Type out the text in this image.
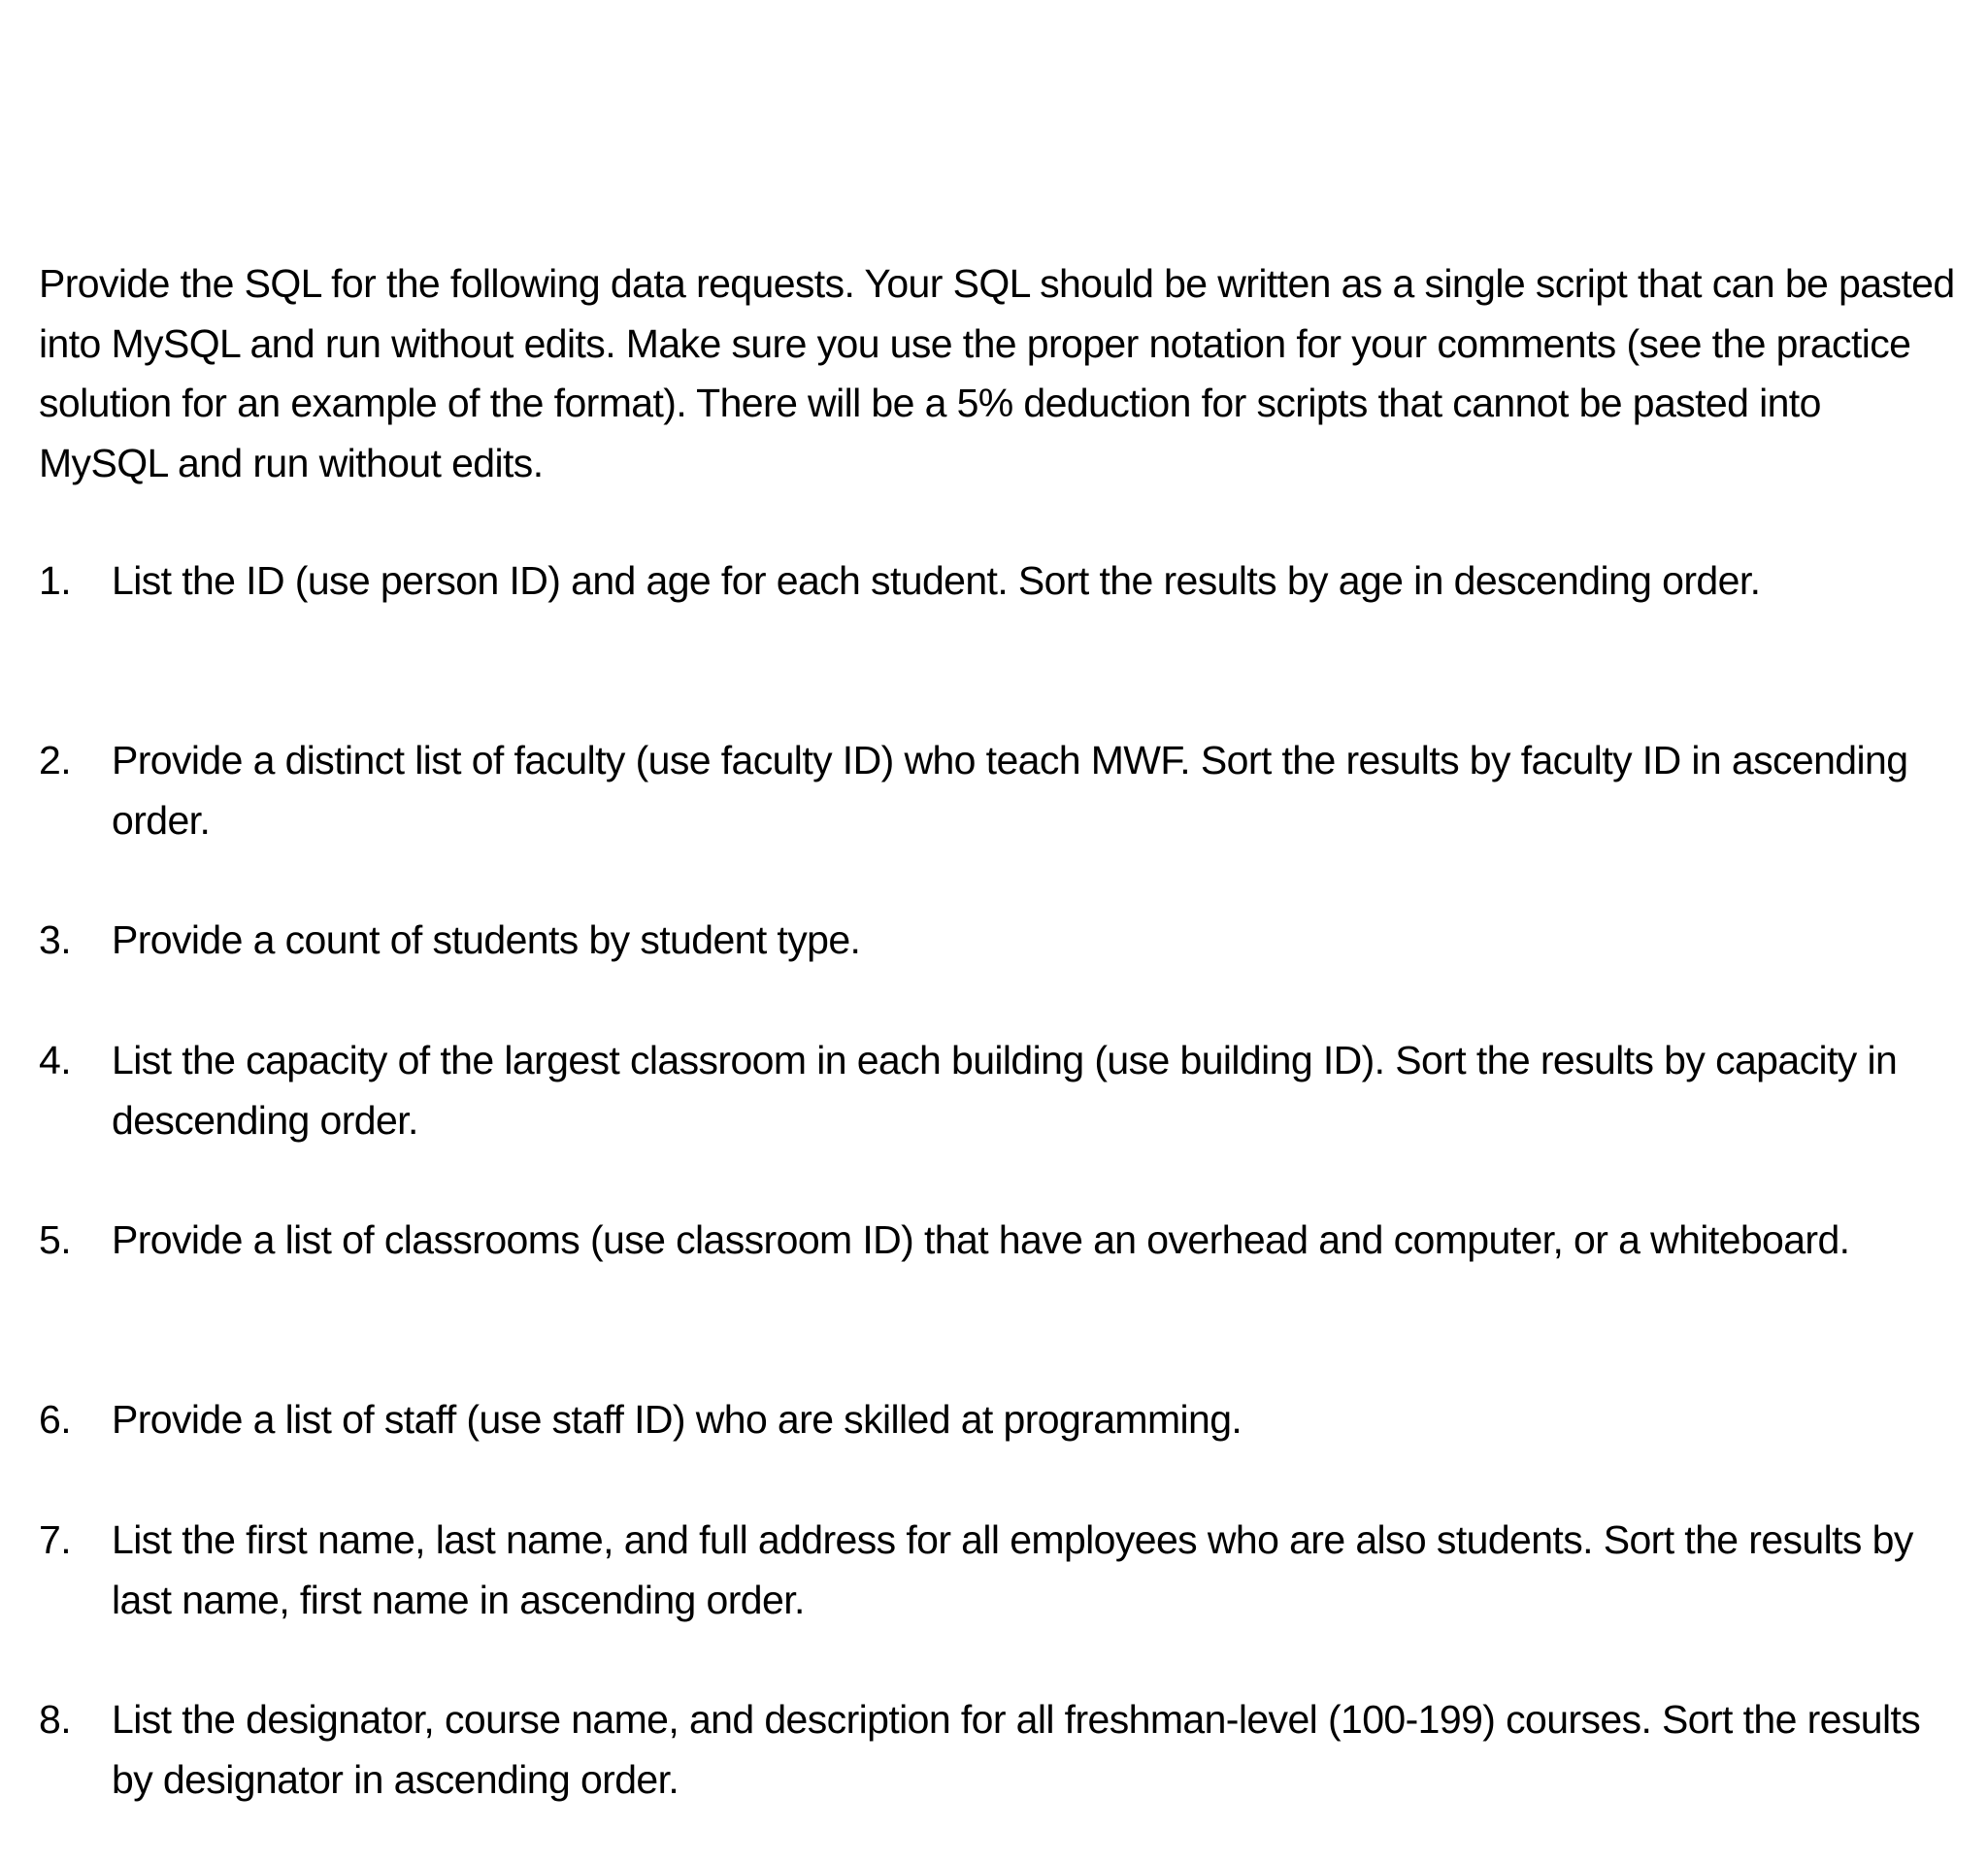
Provide the SQL for the following data requests. Your SQL should be written as a single script that can be pasted into MySQL and run without edits. Make sure you use the proper notation for your comments (see the practice solution for an example of the format). There will be a 5% deduction for scripts that cannot be pasted into MySQL and run without edits.

1. List the ID (use person ID) and age for each student. Sort the results by age in descending order.
2. Provide a distinct list of faculty (use faculty ID) who teach MWF. Sort the results by faculty ID in ascending order.
3. Provide a count of students by student type.
4. List the capacity of the largest classroom in each building (use building ID). Sort the results by capacity in descending order.
5. Provide a list of classrooms (use classroom ID) that have an overhead and computer, or a whiteboard.
6. Provide a list of staff (use staff ID) who are skilled at programming.
7. List the first name, last name, and full address for all employees who are also students. Sort the results by last name, first name in ascending order.
8. List the designator, course name, and description for all freshman-level (100-199) courses. Sort the results by designator in ascending order.
